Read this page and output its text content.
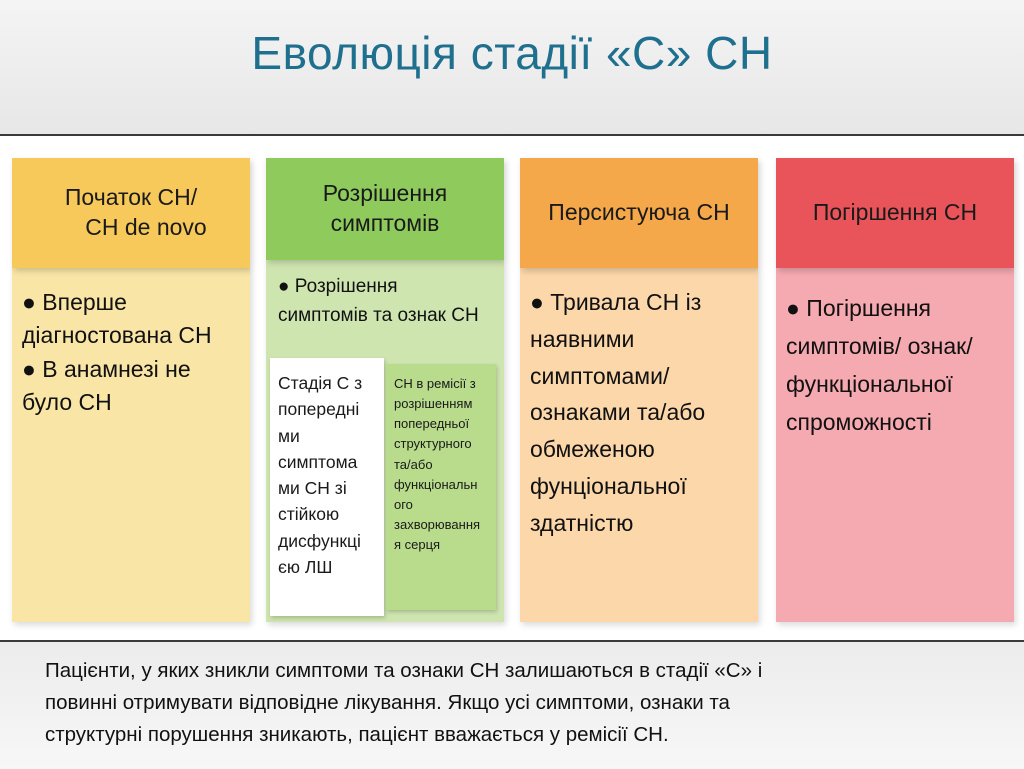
Еволюція стадії «С» СН
Початок СН/
CH de novo
● Вперше
діагностована СН
● В анамнезі не
було СН
Розрішення
симптомів
● Розрішення
симптомів та ознак СН
Стадія С з
попередні
ми
симптома
ми СН зі
стійкою
дисфункці
єю ЛШ
СН в ремісії з
розрішенням
попередньої
структурного
та/або
функціональн
ого
захворювання
я серця
Персистуюча СН
● Тривала СН із
наявними
симптомами/
ознаками та/або
обмеженою
фунціональної
здатністю
Погіршення СН
● Погіршення
симптомів/ ознак/
функціональної
спроможності
Пацієнти, у яких зникли симптоми та ознаки СН залишаються в стадії «С» і
повинні отримувати відповідне лікування. Якщо усі симптоми, ознаки та
структурні порушення зникають, пацієнт вважається у ремісії СН.
